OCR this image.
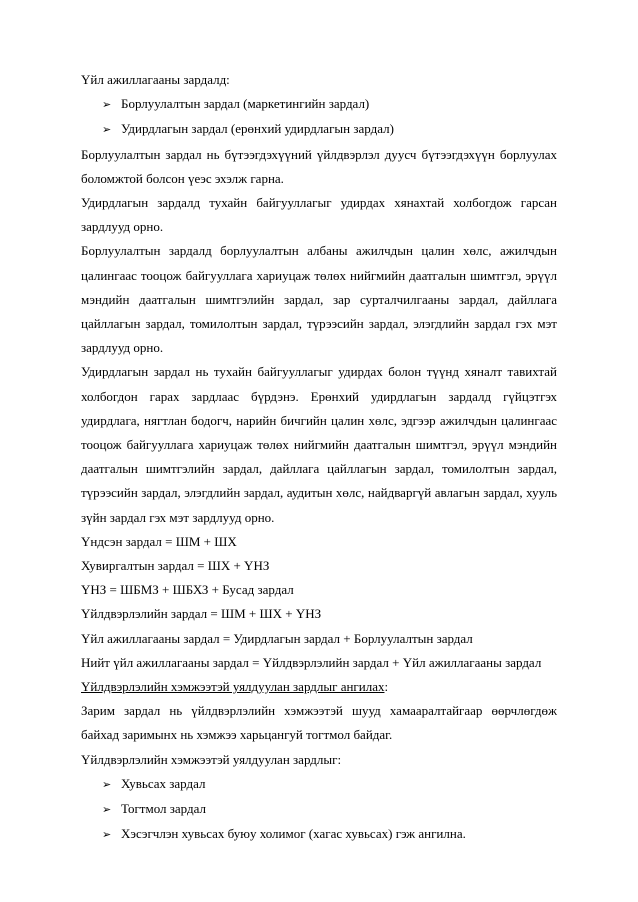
Үйл ажиллагааны зардалд:

➢ Борлуулалтын зардал (маркетингийн зардал)
➢ Удирдлагын зардал (ерөнхий удирдлагын зардал)

Борлуулалтын зардал нь бүтээгдэхүүний үйлдвэрлэл дуусч бүтээгдэхүүн борлуулах боломжтой болсон үеэс эхэлж гарна.

Удирдлагын зардалд тухайн байгууллагыг удирдах хянахтай холбогдож гарсан зардлууд орно.

Борлуулалтын зардалд борлуулалтын албаны ажилчдын цалин хөлс, ажилчдын цалингаас тооцож байгууллага хариуцаж төлөх нийгмийн даатгалын шимтгэл, эрүүл мэндийн даатгалын шимтгэлийн зардал, зар сурталчилгааны зардал, дайллага цайллагын зардал, томилолтын зардал, түрээсийн зардал, элэгдлийн зардал гэх мэт зардлууд орно.

Удирдлагын зардал нь тухайн байгууллагыг удирдах болон түүнд хяналт тавихтай холбогдон гарах зардлаас бүрдэнэ. Ерөнхий удирдлагын зардалд гүйцэтгэх удирдлага, нягтлан бодогч, нарийн бичгийн цалин хөлс, эдгээр ажилчдын цалингаас тооцож байгууллага хариуцаж төлөх нийгмийн даатгалын шимтгэл, эрүүл мэндийн даатгалын шимтгэлийн зардал, дайллага цайллагын зардал, томилолтын зардал, түрээсийн зардал, элэгдлийн зардал, аудитын хөлс, найдваргүй авлагын зардал, хууль зүйн зардал гэх мэт зардлууд орно.

Үндсэн зардал = ШМ + ШХ

Хувиргалтын зардал = ШХ + ҮНЗ

ҮНЗ = ШБМЗ + ШБХЗ + Бусад зардал

Үйлдвэрлэлийн зардал = ШМ + ШХ + ҮНЗ

Үйл ажиллагааны зардал = Удирдлагын зардал + Борлуулалтын зардал

Нийт үйл ажиллагааны зардал = Үйлдвэрлэлийн зардал + Үйл ажиллагааны зардал

Үйлдвэрлэлийн хэмжээтэй уялдуулан зардлыг ангилах:

Зарим зардал нь үйлдвэрлэлийн хэмжээтэй шууд хамааралтайгаар өөрчлөгдөж байхад заримынх нь хэмжээ харьцангуй тогтмол байдаг.

Үйлдвэрлэлийн хэмжээтэй уялдуулан зардлыг:

➢ Хувьсах зардал
➢ Тогтмол зардал
➢ Хэсэгчлэн хувьсах буюу холимог (хагас хувьсах) гэж ангилна.
